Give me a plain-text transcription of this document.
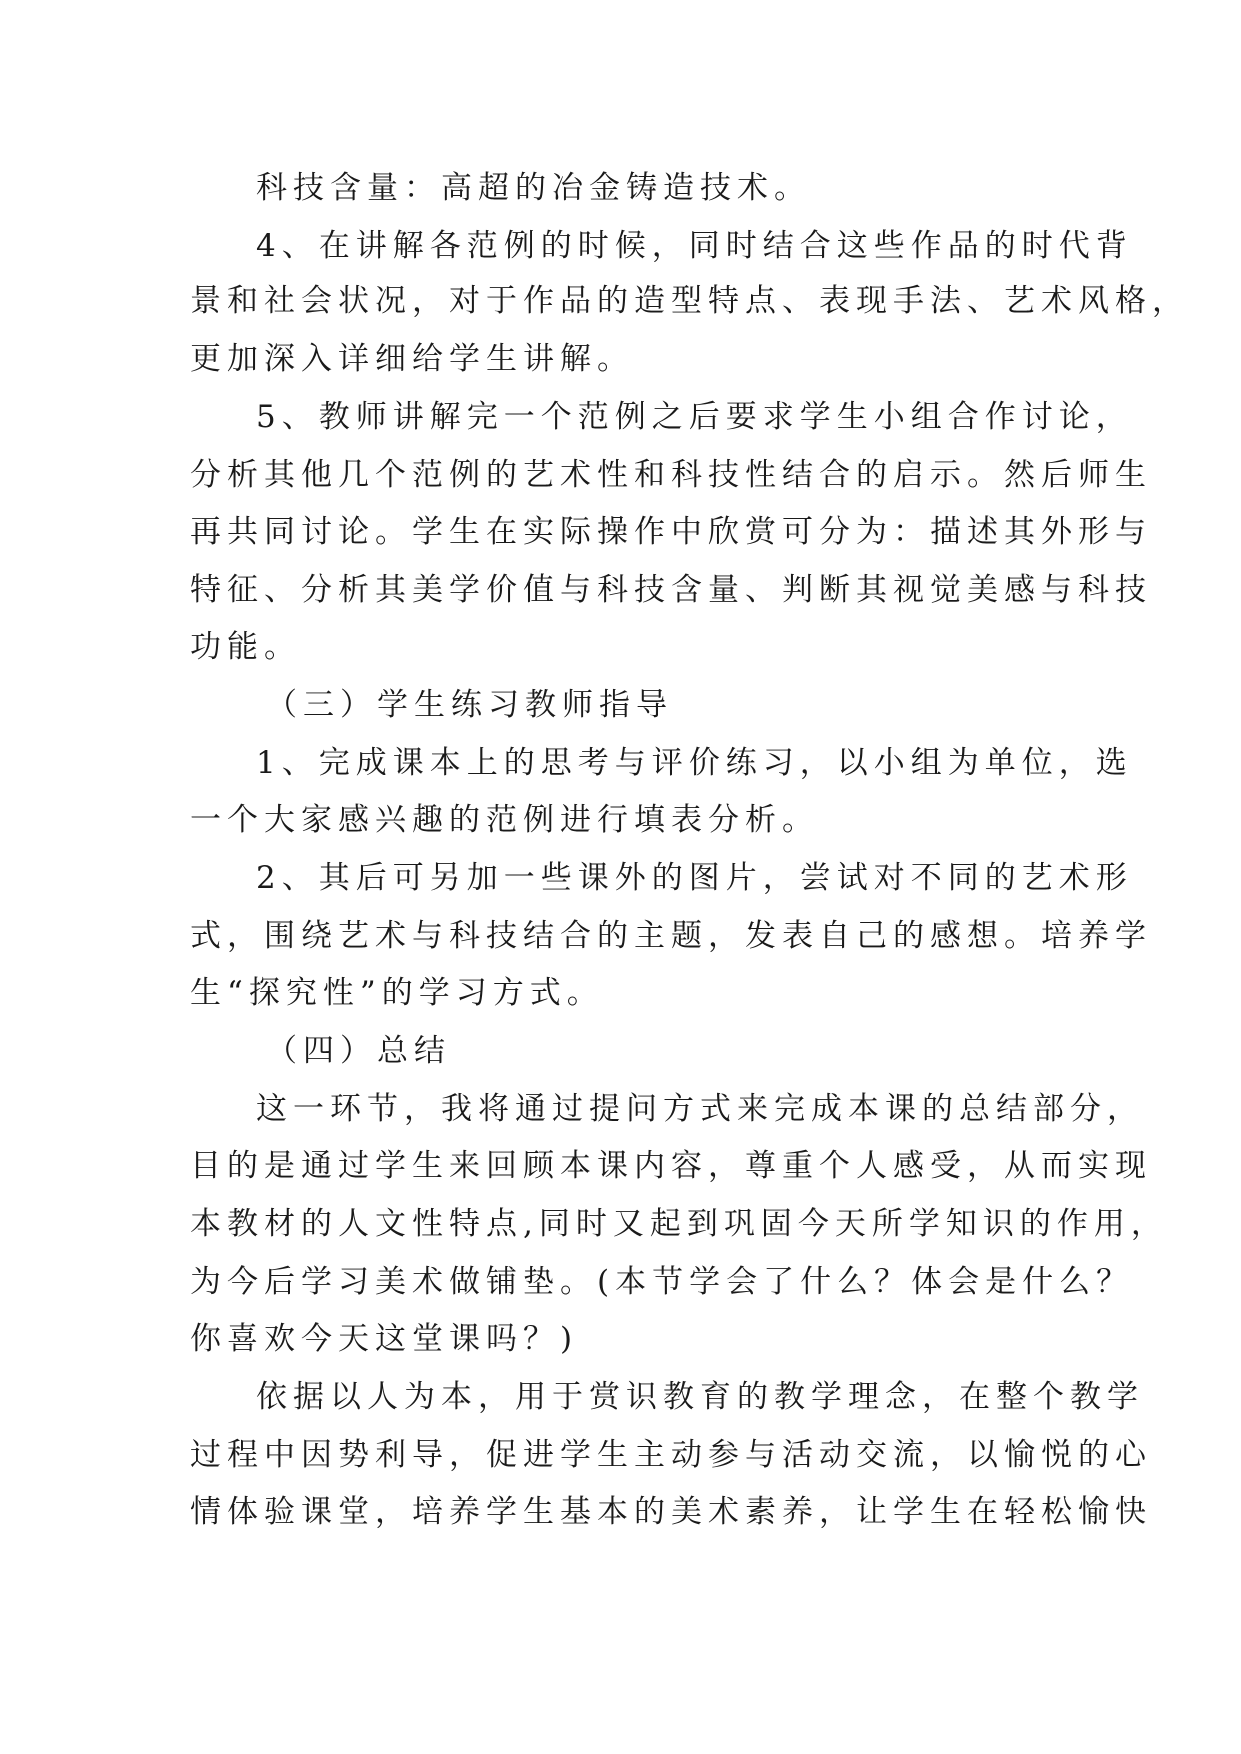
科技含量：高超的冶金铸造技术。
4、在讲解各范例的时候，同时结合这些作品的时代背
景和社会状况，对于作品的造型特点、表现手法、艺术风格，
更加深入详细给学生讲解。
5、教师讲解完一个范例之后要求学生小组合作讨论，
分析其他几个范例的艺术性和科技性结合的启示。然后师生
再共同讨论。学生在实际操作中欣赏可分为：描述其外形与
特征、分析其美学价值与科技含量、判断其视觉美感与科技
功能。
（三）学生练习教师指导
1、完成课本上的思考与评价练习，以小组为单位，选
一个大家感兴趣的范例进行填表分析。
2、其后可另加一些课外的图片，尝试对不同的艺术形
式，围绕艺术与科技结合的主题，发表自己的感想。培养学
生“探究性”的学习方式。
（四）总结
这一环节，我将通过提问方式来完成本课的总结部分，
目的是通过学生来回顾本课内容，尊重个人感受，从而实现
本教材的人文性特点,同时又起到巩固今天所学知识的作用，
为今后学习美术做铺垫。(本节学会了什么？体会是什么？
你喜欢今天这堂课吗？)
依据以人为本，用于赏识教育的教学理念，在整个教学
过程中因势利导，促进学生主动参与活动交流，以愉悦的心
情体验课堂，培养学生基本的美术素养，让学生在轻松愉快
